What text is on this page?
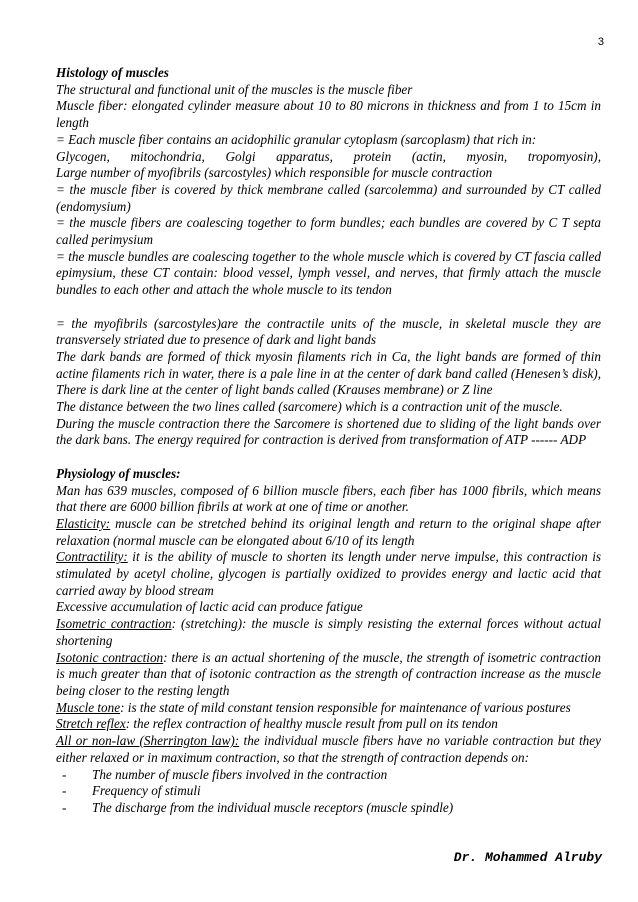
3
Histology of muscles
The structural and functional unit of the muscles is the muscle fiber
Muscle fiber: elongated cylinder measure about 10 to 80 microns in thickness and from 1 to 15cm in length
= Each muscle fiber contains an acidophilic granular cytoplasm (sarcoplasm) that rich in:
Glycogen, mitochondria, Golgi apparatus, protein (actin, myosin, tropomyosin),
Large number of myofibrils (sarcostyles) which responsible for muscle contraction
= the muscle fiber is covered by thick membrane called (sarcolemma) and surrounded by CT called (endomysium)
= the muscle fibers are coalescing together to form bundles; each bundles are covered by C T septa called perimysium
= the muscle bundles are coalescing together to the whole muscle which is covered by CT fascia called epimysium, these CT contain: blood vessel, lymph vessel, and nerves, that firmly attach the muscle bundles to each other and attach the whole muscle to its tendon
= the myofibrils (sarcostyles)are the contractile units of the muscle, in skeletal muscle they are transversely striated due to presence of dark and light bands
The dark bands are formed of thick myosin filaments rich in Ca, the light bands are formed of thin actine filaments rich in water, there is a pale line in at the center of dark band called (Henesen’s disk), There is dark line at the center of light bands called (Krauses membrane) or Z line
The distance between the two lines called (sarcomere) which is a contraction unit of the muscle.
During the muscle contraction there the Sarcomere is shortened due to sliding of the light bands over the dark bans. The energy required for contraction is derived from transformation of ATP ------ ADP
Physiology of muscles:
Man has 639 muscles, composed of 6 billion muscle fibers, each fiber has 1000 fibrils, which means that there are 6000 billion fibrils at work at one of time or another.
Elasticity: muscle can be stretched behind its original length and return to the original shape after relaxation (normal muscle can be elongated about 6/10 of its length
Contractility: it is the ability of muscle to shorten its length under nerve impulse, this contraction is stimulated by acetyl choline, glycogen is partially oxidized to provides energy and lactic acid that carried away by blood stream
Excessive accumulation of lactic acid can produce fatigue
Isometric contraction: (stretching): the muscle is simply resisting the external forces without actual shortening
Isotonic contraction: there is an actual shortening of the muscle, the strength of isometric contraction is much greater than that of isotonic contraction as the strength of contraction increase as the muscle being closer to the resting length
Muscle tone: is the state of mild constant tension responsible for maintenance of various postures
Stretch reflex: the reflex contraction of healthy muscle result from pull on its tendon
All or non-law (Sherrington law): the individual muscle fibers have no variable contraction but they either relaxed or in maximum contraction, so that the strength of contraction depends on:
-	The number of muscle fibers involved in the contraction
-	Frequency of stimuli
-	The discharge from the individual muscle receptors (muscle spindle)
Dr. Mohammed Alruby
